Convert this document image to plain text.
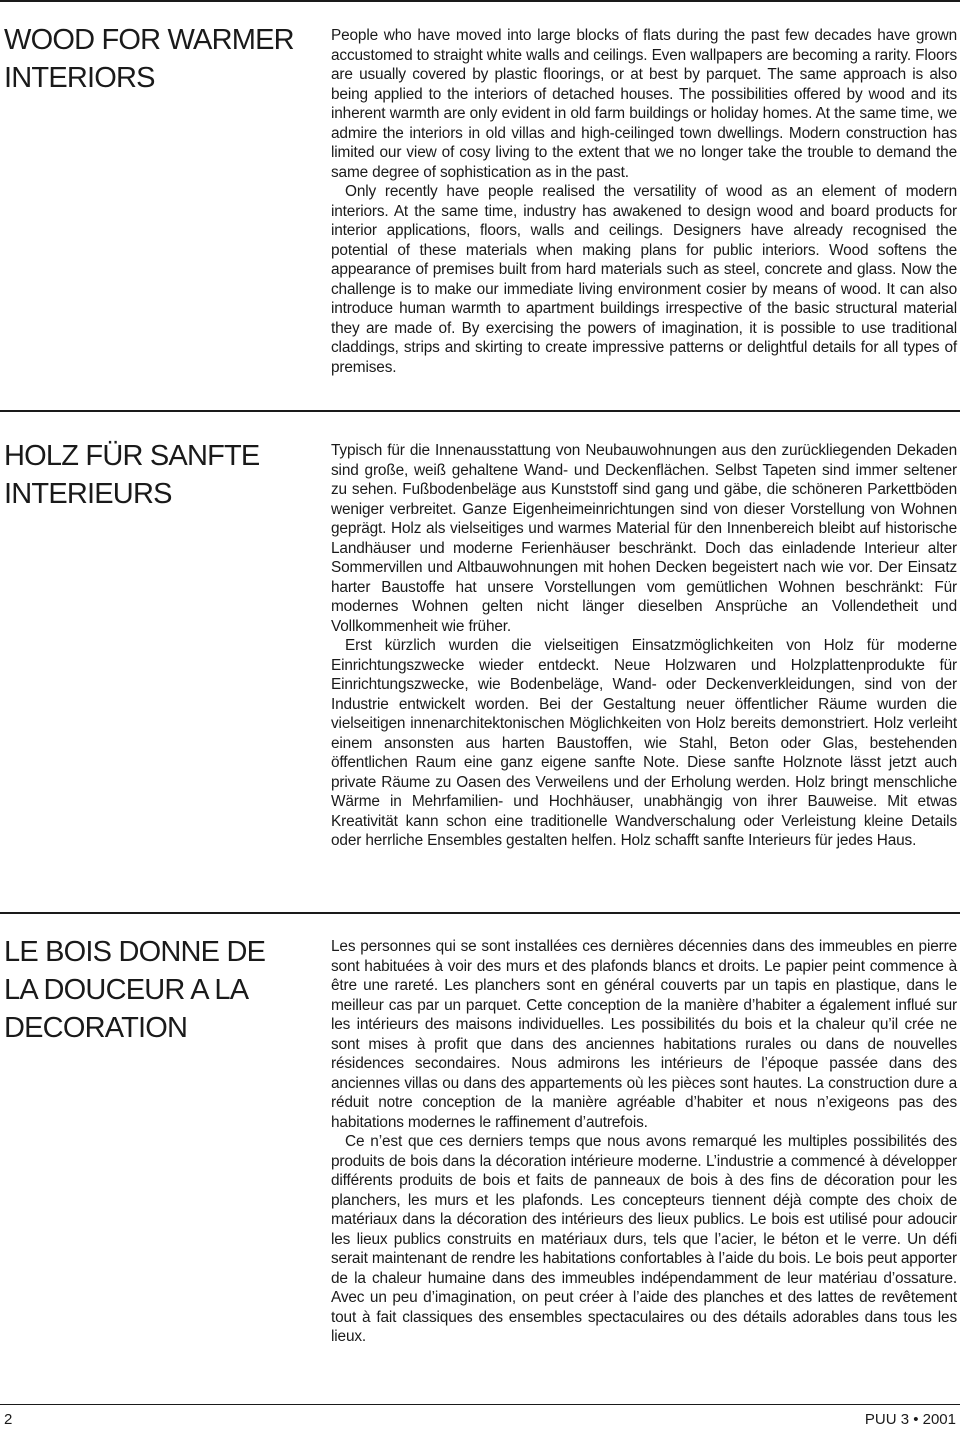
WOOD FOR WARMER
INTERIORS

People who have moved into large blocks of flats during the past few decades have grown accustomed to straight white walls and ceilings. Even wallpapers are becoming a rarity. Floors are usually covered by plastic floorings, or at best by parquet. The same approach is also being applied to the interiors of detached houses. The possibilities offered by wood and its inherent warmth are only evident in old farm buildings or holiday homes. At the same time, we admire the interiors in old villas and high-ceilinged town dwellings. Modern construction has limited our view of cosy living to the extent that we no longer take the trouble to demand the same degree of sophistication as in the past.

Only recently have people realised the versatility of wood as an element of modern interiors. At the same time, industry has awakened to design wood and board products for interior applications, floors, walls and ceilings. Designers have already recognised the potential of these materials when making plans for public interiors. Wood softens the appearance of premises built from hard materials such as steel, concrete and glass. Now the challenge is to make our immediate living environment cosier by means of wood. It can also introduce human warmth to apartment buildings irrespective of the basic structural material they are made of. By exercising the powers of imagination, it is possible to use traditional claddings, strips and skirting to create impressive patterns or delightful details for all types of premises.

HOLZ FÜR SANFTE
INTERIEURS

Typisch für die Innenausstattung von Neubauwohnungen aus den zurückliegenden Dekaden sind große, weiß gehaltene Wand- und Deckenflächen. Selbst Tapeten sind immer seltener zu sehen. Fußbodenbeläge aus Kunststoff sind gang und gäbe, die schöneren Parkettböden weniger verbreitet. Ganze Eigenheimeinrichtungen sind von dieser Vorstellung von Wohnen geprägt. Holz als vielseitiges und warmes Material für den Innenbereich bleibt auf historische Landhäuser und moderne Ferienhäuser beschränkt. Doch das einladende Interieur alter Sommervillen und Altbauwohnungen mit hohen Decken begeistert nach wie vor. Der Einsatz harter Baustoffe hat unsere Vorstellungen vom gemütlichen Wohnen beschränkt: Für modernes Wohnen gelten nicht länger dieselben Ansprüche an Vollendetheit und Vollkommenheit wie früher.

Erst kürzlich wurden die vielseitigen Einsatzmöglichkeiten von Holz für moderne Einrichtungszwecke wieder entdeckt. Neue Holzwaren und Holzplattenprodukte für Einrichtungszwecke, wie Bodenbeläge, Wand- oder Deckenverkleidungen, sind von der Industrie entwickelt worden. Bei der Gestaltung neuer öffentlicher Räume wurden die vielseitigen innenarchitektonischen Möglichkeiten von Holz bereits demonstriert. Holz verleiht einem ansonsten aus harten Baustoffen, wie Stahl, Beton oder Glas, bestehenden öffentlichen Raum eine ganz eigene sanfte Note. Diese sanfte Holznote lässt jetzt auch private Räume zu Oasen des Verweilens und der Erholung werden. Holz bringt menschliche Wärme in Mehrfamilien- und Hochhäuser, unabhängig von ihrer Bauweise. Mit etwas Kreativität kann schon eine traditionelle Wandverschalung oder Verleistung kleine Details oder herrliche Ensembles gestalten helfen. Holz schafft sanfte Interieurs für jedes Haus.

LE BOIS DONNE DE
LA DOUCEUR A LA
DECORATION

Les personnes qui se sont installées ces dernières décennies dans des immeubles en pierre sont habituées à voir des murs et des plafonds blancs et droits. Le papier peint commence à être une rareté. Les planchers sont en général couverts par un tapis en plastique, dans le meilleur cas par un parquet. Cette conception de la manière d’habiter a également influé sur les intérieurs des maisons individuelles. Les possibilités du bois et la chaleur qu’il crée ne sont mises à profit que dans des anciennes habitations rurales ou dans de nouvelles résidences secondaires. Nous admirons les intérieurs de l’époque passée dans des anciennes villas ou dans des appartements où les pièces sont hautes. La construction dure a réduit notre conception de la manière agréable d’habiter et nous n’exigeons pas des habitations modernes le raffinement d’autrefois.

Ce n’est que ces derniers temps que nous avons remarqué les multiples possibilités des produits de bois dans la décoration intérieure moderne. L’industrie a commencé à développer différents produits de bois et faits de panneaux de bois à des fins de décoration pour les planchers, les murs et les plafonds. Les concepteurs tiennent déjà compte des choix de matériaux dans la décoration des intérieurs des lieux publics. Le bois est utilisé pour adoucir les lieux publics construits en matériaux durs, tels que l’acier, le béton et le verre. Un défi serait maintenant de rendre les habitations confortables à l’aide du bois. Le bois peut apporter de la chaleur humaine dans des immeubles indépendamment de leur matériau d’ossature. Avec un peu d’imagination, on peut créer à l’aide des planches et des lattes de revêtement tout à fait classiques des ensembles spectaculaires ou des détails adorables dans tous les lieux.

2	PUU 3 • 2001
